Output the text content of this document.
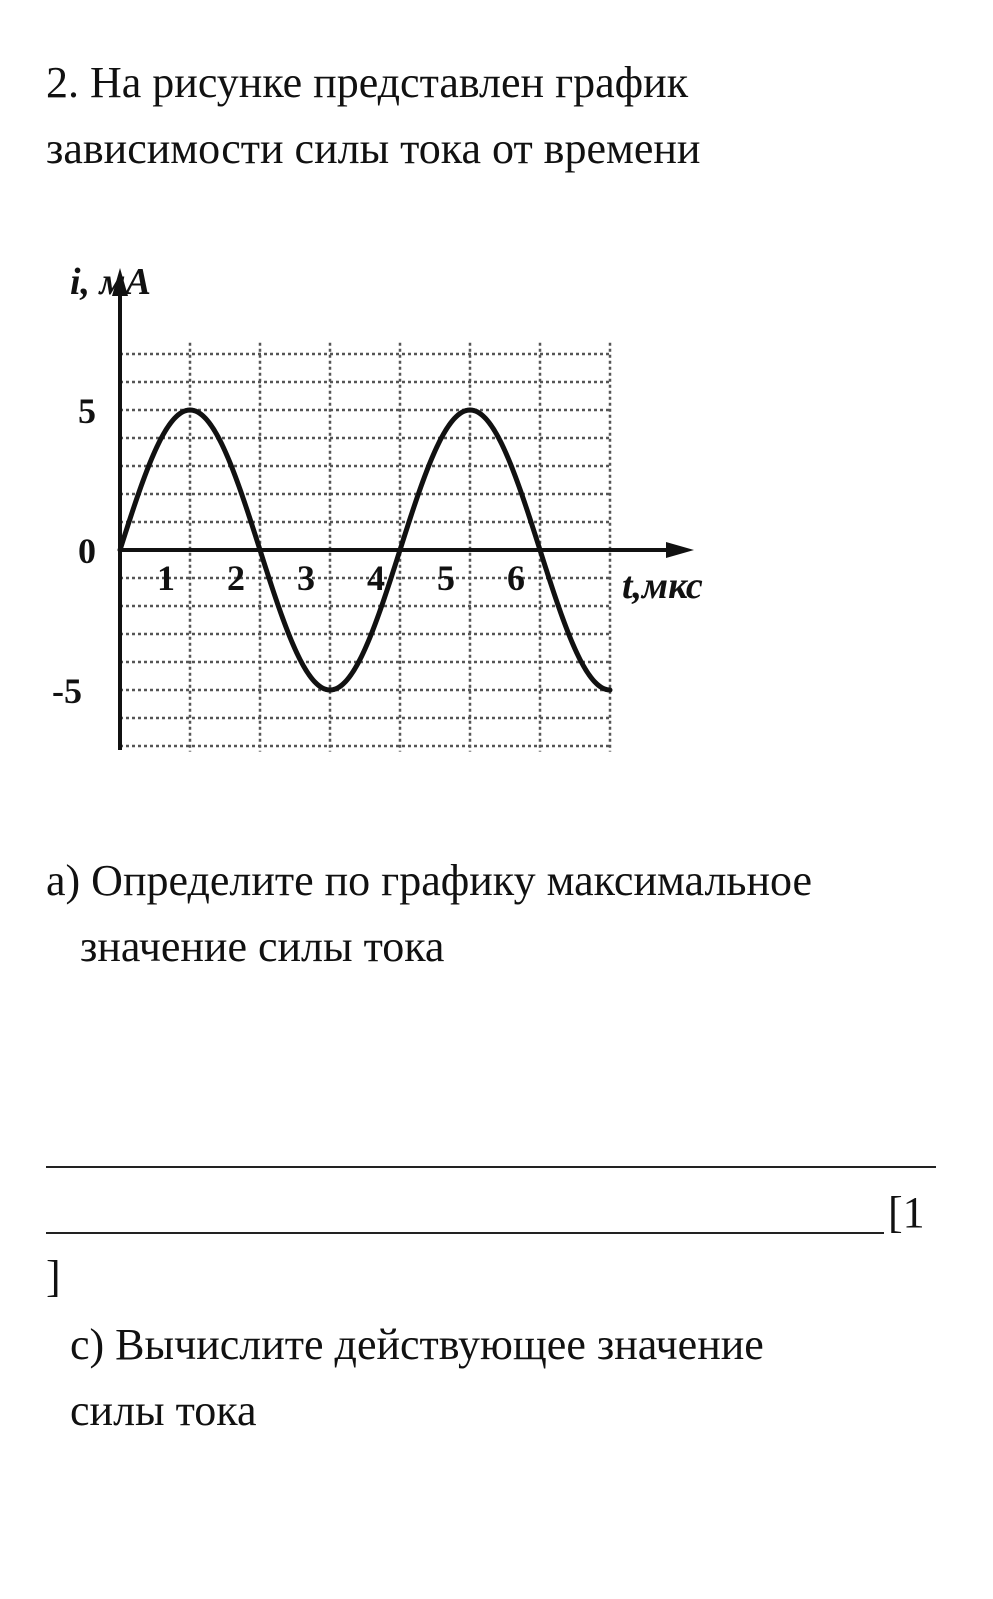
2. На рисунке представлен график
зависимости силы тока от времени
i, мА
t,мкс
5
0
-5
1 2 3 4 5 6
а) Определите по графику максимальное
значение силы тока
[1
]
с) Вычислите действующее значение
силы тока
